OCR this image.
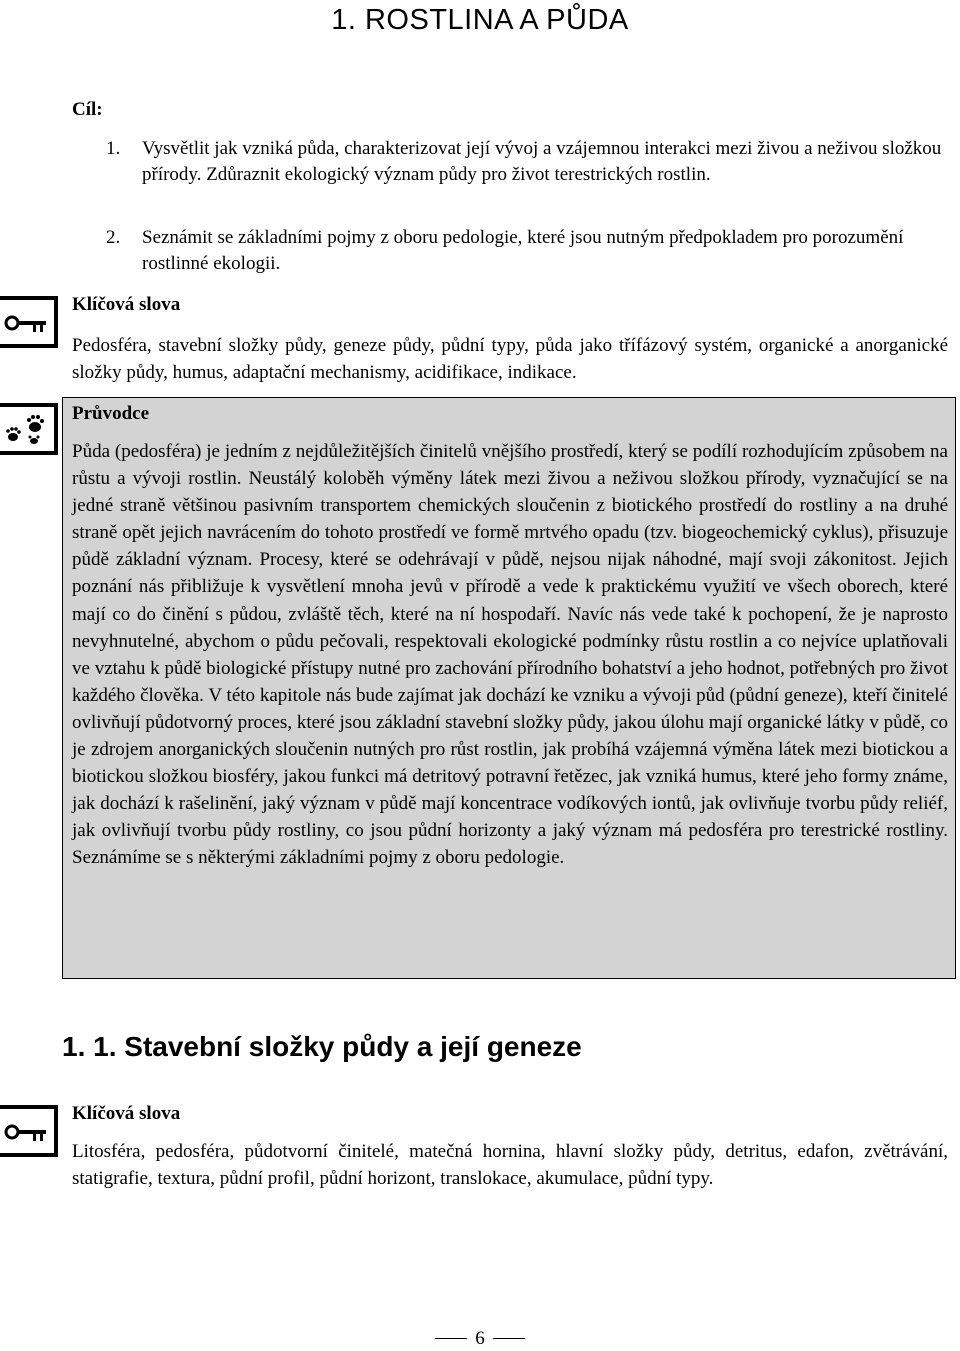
1. ROSTLINA A PŮDA
Cíl:
1. Vysvětlit jak vzniká půda, charakterizovat její vývoj a vzájemnou interakci mezi živou a neživou složkou přírody. Zdůraznit ekologický význam půdy pro život terestrických rostlin.
2. Seznámit se základními pojmy z oboru pedologie, které jsou nutným předpokladem pro porozumění rostlinné ekologii.
Klíčová slova
Pedosféra, stavební složky půdy, geneze půdy, půdní typy, půda jako třífázový systém, organické a anorganické složky půdy, humus, adaptační mechanismy, acidifikace, indikace.
Průvodce
Půda (pedosféra) je jedním z nejdůležitějších činitelů vnějšího prostředí, který se podílí rozhodujícím způsobem na růstu a vývoji rostlin. Neustálý koloběh výměny látek mezi živou a neživou složkou přírody, vyznačující se na jedné straně většinou pasivním transportem chemických sloučenin z biotického prostředí do rostliny a na druhé straně opět jejich navrácením do tohoto prostředí ve formě mrtvého opadu (tzv. biogeochemický cyklus), přisuzuje půdě základní význam. Procesy, které se odehrávají v půdě, nejsou nijak náhodné, mají svoji zákonitost. Jejich poznání nás přibližuje k vysvětlení mnoha jevů v přírodě a vede k praktickému využití ve všech oborech, které mají co do činění s půdou, zvláště těch, které na ní hospodaří. Navíc nás vede také k pochopení, že je naprosto nevyhnutelné, abychom o půdu pečovali, respektovali ekologické podmínky růstu rostlin a co nejvíce uplatňovali ve vztahu k půdě biologické přístupy nutné pro zachování přírodního bohatství a jeho hodnot, potřebných pro život každého člověka. V této kapitole nás bude zajímat jak dochází ke vzniku a vývoji půd (půdní geneze), kteří činitelé ovlivňují půdotvorný proces, které jsou základní stavební složky půdy, jakou úlohu mají organické látky v půdě, co je zdrojem anorganických sloučenin nutných pro růst rostlin, jak probíhá vzájemná výměna látek mezi biotickou a biotickou složkou biosféry, jakou funkci má detritový potravní řetězec, jak vzniká humus, které jeho formy známe, jak dochází k rašelinění, jaký význam v půdě mají koncentrace vodíkových iontů, jak ovlivňuje tvorbu půdy reliéf, jak ovlivňují tvorbu půdy rostliny, co jsou půdní horizonty a jaký význam má pedosféra pro terestrické rostliny. Seznámíme se s některými základními pojmy z oboru pedologie.
1. 1. Stavební složky půdy a její geneze
Klíčová slova
Litosféra, pedosféra, půdotvorní činitelé, matečná hornina, hlavní složky půdy, detritus, edafon, zvětrávání, statigrafie, textura, půdní profil, půdní horizont, translokace, akumulace, půdní typy.
6
